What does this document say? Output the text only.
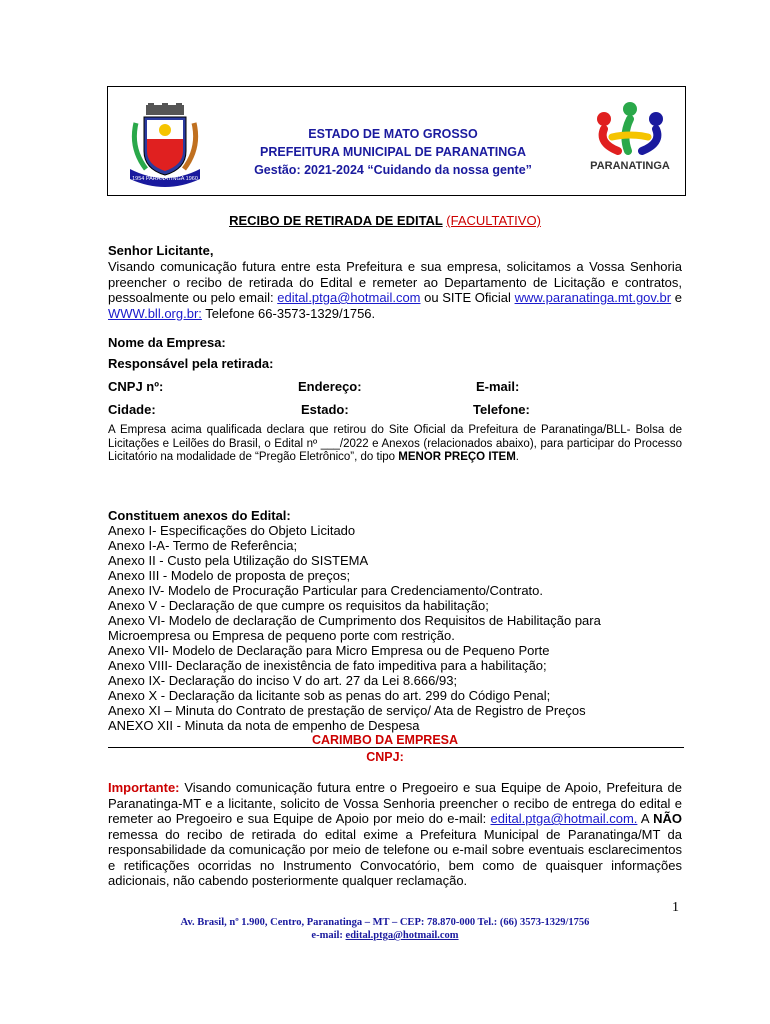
1954 PARANATINGA 1960
ESTADO DE MATO GROSSO
PREFEITURA MUNICIPAL DE PARANATINGA
Gestão: 2021-2024 “Cuidando da nossa gente”	PARANATINGA
RECIBO DE RETIRADA DE EDITAL (FACULTATIVO)
Senhor Licitante,
Visando comunicação futura entre esta Prefeitura e sua empresa, solicitamos a Vossa Senhoria preencher o recibo de retirada do Edital e remeter ao Departamento de Licitação e contratos, pessoalmente ou pelo email: edital.ptga@hotmail.com ou SITE Oficial www.paranatinga.mt.gov.br e WWW.bll.org.br: Telefone 66-3573-1329/1756.
Nome da Empresa:
Responsável pela retirada:
CNPJ nº:	Endereço:	E-mail:
Cidade:	Estado:	Telefone:
A Empresa acima qualificada declara que retirou do Site Oficial da Prefeitura de Paranatinga/BLL- Bolsa de Licitações e Leilões do Brasil, o Edital nº ___/2022 e Anexos (relacionados abaixo), para participar do Processo Licitatório na modalidade de “Pregão Eletrônico”, do tipo MENOR PREÇO ITEM.
Constituem anexos do Edital:
Anexo I- Especificações do Objeto Licitado
Anexo I-A- Termo de Referência;
Anexo II - Custo pela Utilização do SISTEMA
Anexo III - Modelo de proposta de preços;
Anexo IV- Modelo de Procuração Particular para Credenciamento/Contrato.
Anexo V - Declaração de que cumpre os requisitos da habilitação;
Anexo VI- Modelo de declaração de Cumprimento dos Requisitos de Habilitação para
Microempresa ou Empresa de pequeno porte com restrição.
Anexo VII- Modelo de Declaração para Micro Empresa ou de Pequeno Porte
Anexo VIII- Declaração de inexistência de fato impeditiva para a habilitação;
Anexo IX- Declaração do inciso V do art. 27 da Lei 8.666/93;
Anexo X - Declaração da licitante sob as penas do art. 299 do Código Penal;
Anexo XI – Minuta do Contrato de prestação de serviço/ Ata de Registro de Preços
ANEXO XII - Minuta da nota de empenho de Despesa
CARIMBO DA EMPRESA
CNPJ:
Importante: Visando comunicação futura entre o Pregoeiro e sua Equipe de Apoio, Prefeitura de Paranatinga-MT e a licitante, solicito de Vossa Senhoria preencher o recibo de entrega do edital e remeter ao Pregoeiro e sua Equipe de Apoio por meio do e-mail: edital.ptga@hotmail.com. A NÃO remessa do recibo de retirada do edital exime a Prefeitura Municipal de Paranatinga/MT da responsabilidade da comunicação por meio de telefone ou e-mail sobre eventuais esclarecimentos e retificações ocorridas no Instrumento Convocatório, bem como de quaisquer informações adicionais, não cabendo posteriormente qualquer reclamação.
1
Av. Brasil, nº 1.900, Centro, Paranatinga – MT – CEP: 78.870-000 Tel.: (66) 3573-1329/1756
e-mail: edital.ptga@hotmail.com
